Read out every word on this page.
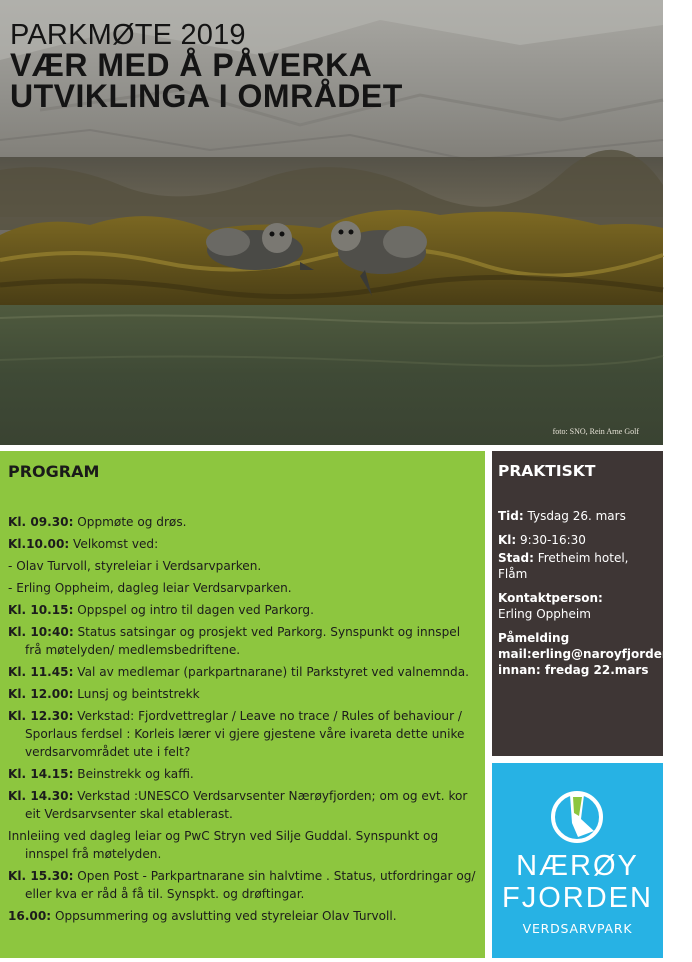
PARKMØTE 2019
VÆR MED Å PÅVERKA
UTVIKLINGA I OMRÅDET
foto: SNO, Rein Arne Golf
PROGRAM
Kl. 09.30: Oppmøte og drøs.
Kl.10.00: Velkomst ved:
- Olav Turvoll, styreleiar i Verdsarvparken.
- Erling Oppheim, dagleg leiar Verdsarvparken.
Kl. 10.15: Oppspel og intro til dagen ved Parkorg.
Kl. 10:40: Status satsingar og prosjekt ved Parkorg. Synspunkt og innspel frå møtelyden/ medlemsbedriftene.
Kl. 11.45: Val av medlemar (parkpartnarane) til Parkstyret ved valnemnda.
Kl. 12.00: Lunsj og beintstrekk
Kl. 12.30: Verkstad: Fjordvettreglar / Leave no trace / Rules of behaviour / Sporlaus ferdsel : Korleis lærer vi gjere gjestene våre ivareta dette unike verdsarvområdet ute i felt?
Kl. 14.15: Beinstrekk og kaffi.
Kl. 14.30: Verkstad :UNESCO Verdsarvsenter Nærøyfjorden; om og evt. kor eit Verdsarvsenter skal etablerast.
Innleiing ved dagleg leiar og PwC Stryn ved Silje Guddal. Synspunkt og innspel frå møtelyden.
Kl. 15.30: Open Post - Parkpartnarane sin halvtime . Status, utfordringar og/ eller kva er råd å få til. Synspkt. og drøftingar.
16.00: Oppsummering og avslutting ved styreleiar Olav Turvoll.
PRAKTISKT

Tid: Tysdag 26. mars

Kl: 9:30-16:30

Stad: Fretheim hotel, Flåm

Kontaktperson:
Erling Oppheim

Påmelding
mail:erling@naroyfjorden.no
innan: fredag 22.mars

NÆRØY
FJORDEN
VERDSARVPARK
